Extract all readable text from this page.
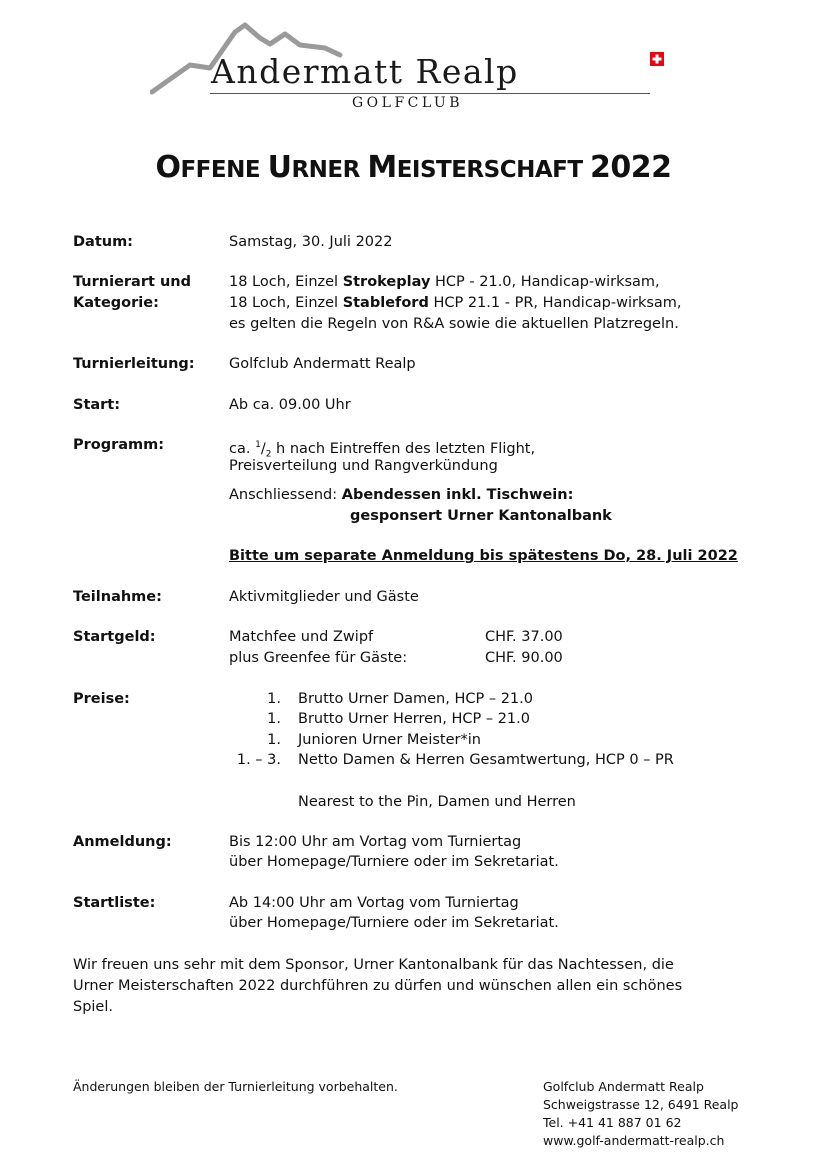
Andermatt Realp
GOLFCLUB
OFFENE URNER MEISTERSCHAFT 2022
Datum:	Samstag, 30. Juli 2022
Turnierart und
Kategorie:
18 Loch, Einzel Strokeplay HCP - 21.0, Handicap-wirksam,
18 Loch, Einzel Stableford HCP 21.1 - PR, Handicap-wirksam,
es gelten die Regeln von R&A sowie die aktuellen Platzregeln.
Turnierleitung: Golfclub Andermatt Realp
Start:	Ab ca. 09.00 Uhr
Programm:	ca. $^1/_2$ h nach Eintreffen des letzten Flight,
Preisverteilung und Rangverkündung
Anschliessend: Abendessen inkl. Tischwein:
gesponsert Urner Kantonalbank
Bitte um separate Anmeldung bis spätestens Do, 28. Juli 2022
Teilnahme:	Aktivmitglieder und Gäste
Startgeld:	Matchfee und Zwipf	CHF. 37.00
plus Greenfee für Gäste:	CHF. 90.00
Preise:	1. Brutto Urner Damen, HCP – 21.0
1. Brutto Urner Herren, HCP – 21.0
1. Junioren Urner Meister*in
1. – 3. Netto Damen & Herren Gesamtwertung, HCP 0 – PR
Nearest to the Pin, Damen und Herren
Anmeldung:	Bis 12:00 Uhr am Vortag vom Turniertag
über Homepage/Turniere oder im Sekretariat.
Startliste:	Ab 14:00 Uhr am Vortag vom Turniertag
über Homepage/Turniere oder im Sekretariat.
Wir freuen uns sehr mit dem Sponsor, Urner Kantonalbank für das Nachtessen, die
Urner Meisterschaften 2022 durchführen zu dürfen und wünschen allen ein schönes
Spiel.
Änderungen bleiben der Turnierleitung vorbehalten.	Golfclub Andermatt Realp
Schweigstrasse 12, 6491 Realp
Tel. +41 41 887 01 62
www.golf-andermatt-realp.ch
